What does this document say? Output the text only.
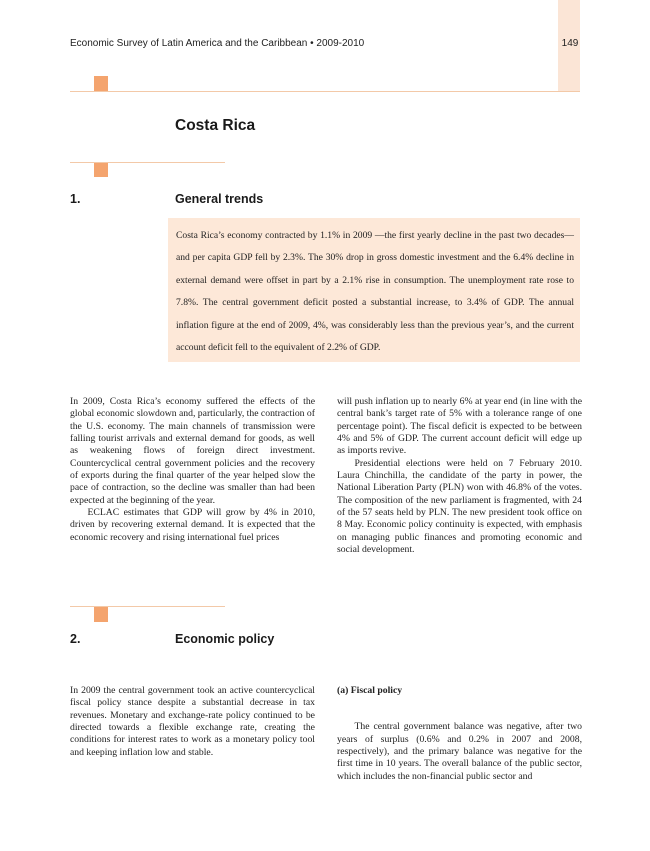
Economic Survey of Latin America and the Caribbean • 2009-2010	149
Costa Rica
1.	General trends

Costa Rica’s economy contracted by 1.1% in 2009 —the first yearly decline in the past two decades— and per capita GDP fell by 2.3%. The 30% drop in gross domestic investment and the 6.4% decline in external demand were offset in part by a 2.1% rise in consumption. The unemployment rate rose to 7.8%. The central government deficit posted a substantial increase, to 3.4% of GDP. The annual inflation figure at the end of 2009, 4%, was considerably less than the previous year’s, and the current account deficit fell to the equivalent of 2.2% of GDP.

In 2009, Costa Rica’s economy suffered the effects of the global economic slowdown and, particularly, the contraction of the U.S. economy. The main channels of transmission were falling tourist arrivals and external demand for goods, as well as weakening flows of foreign direct investment. Countercyclical central government policies and the recovery of exports during the final quarter of the year helped slow the pace of contraction, so the decline was smaller than had been expected at the beginning of the year.

ECLAC estimates that GDP will grow by 4% in 2010, driven by recovering external demand. It is expected that the economic recovery and rising international fuel prices

will push inflation up to nearly 6% at year end (in line with the central bank’s target rate of 5% with a tolerance range of one percentage point). The fiscal deficit is expected to be between 4% and 5% of GDP. The current account deficit will edge up as imports revive.

Presidential elections were held on 7 February 2010. Laura Chinchilla, the candidate of the party in power, the National Liberation Party (PLN) won with 46.8% of the votes. The composition of the new parliament is fragmented, with 24 of the 57 seats held by PLN. The new president took office on 8 May. Economic policy continuity is expected, with emphasis on managing public finances and promoting economic and social development.

2.	Economic policy

In 2009 the central government took an active countercyclical fiscal policy stance despite a substantial decrease in tax revenues. Monetary and exchange-rate policy continued to be directed towards a flexible exchange rate, creating the conditions for interest rates to work as a monetary policy tool and keeping inflation low and stable.

(a) Fiscal policy

The central government balance was negative, after two years of surplus (0.6% and 0.2% in 2007 and 2008, respectively), and the primary balance was negative for the first time in 10 years. The overall balance of the public sector, which includes the non-financial public sector and
